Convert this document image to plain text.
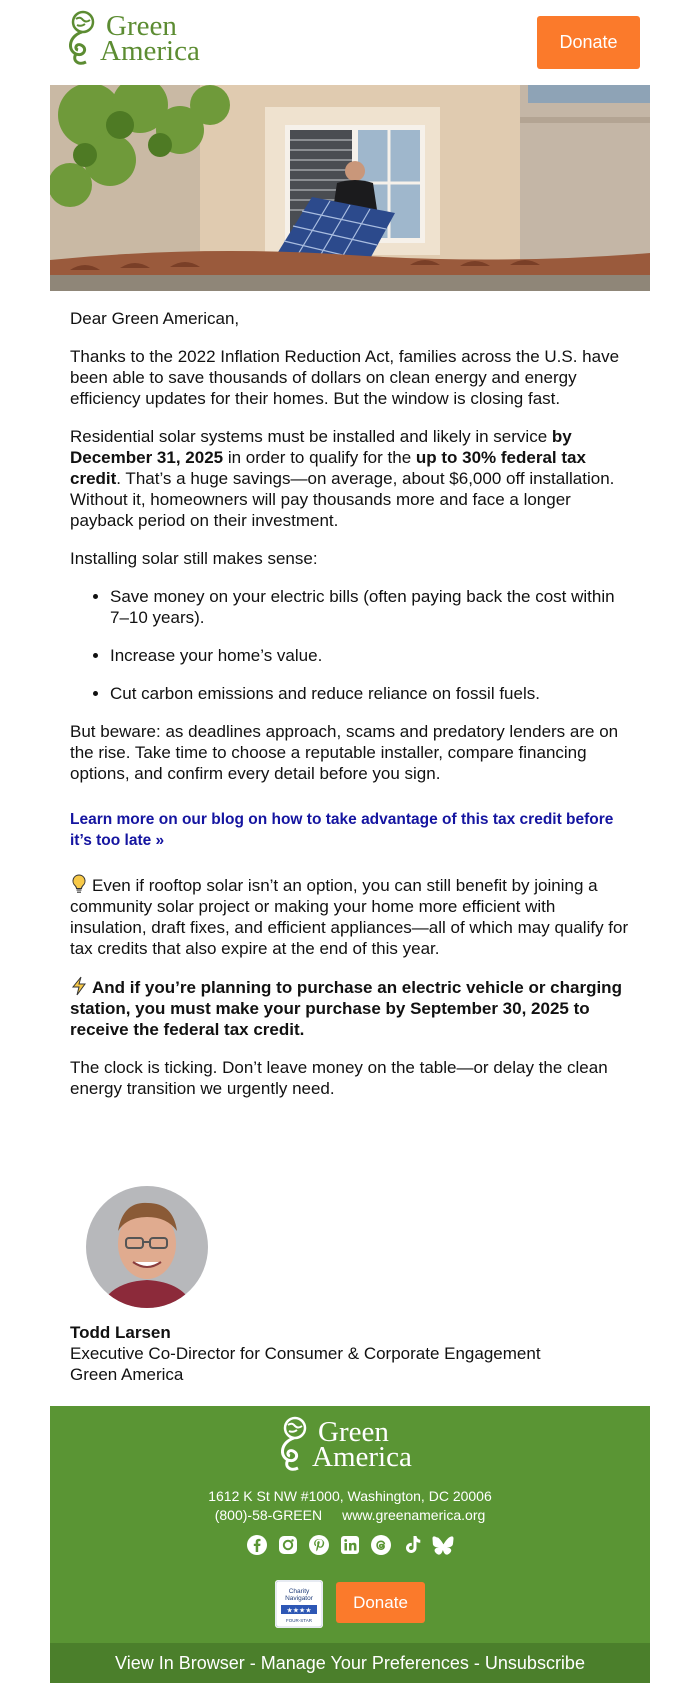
Green
America	Donate

Dear Green American,

Thanks to the 2022 Inflation Reduction Act, families across the U.S. have been able to save thousands of dollars on clean energy and energy efficiency updates for their homes. But the window is closing fast.

Residential solar systems must be installed and likely in service by December 31, 2025 in order to qualify for the up to 30% federal tax credit. That’s a huge savings—on average, about $6,000 off installation. Without it, homeowners will pay thousands more and face a longer payback period on their investment.

Installing solar still makes sense:

• Save money on your electric bills (often paying back the cost within 7–10 years).
• Increase your home’s value.
• Cut carbon emissions and reduce reliance on fossil fuels.

But beware: as deadlines approach, scams and predatory lenders are on the rise. Take time to choose a reputable installer, compare financing options, and confirm every detail before you sign.

Learn more on our blog on how to take advantage of this tax credit before it’s too late »

Even if rooftop solar isn’t an option, you can still benefit by joining a community solar project or making your home more efficient with insulation, draft fixes, and efficient appliances—all of which may qualify for tax credits that also expire at the end of this year.

And if you’re planning to purchase an electric vehicle or charging station, you must make your purchase by September 30, 2025 to receive the federal tax credit.

The clock is ticking. Don’t leave money on the table—or delay the clean energy transition we urgently need.

Todd Larsen
Executive Co-Director for Consumer & Corporate Engagement
Green America
Green
America
1612 K St NW #1000, Washington, DC 20006
(800)-58-GREEN www.greenamerica.org
Charity
Navigator
★★★★
FOUR-STAR
Donate
View In Browser - Manage Your Preferences - Unsubscribe
